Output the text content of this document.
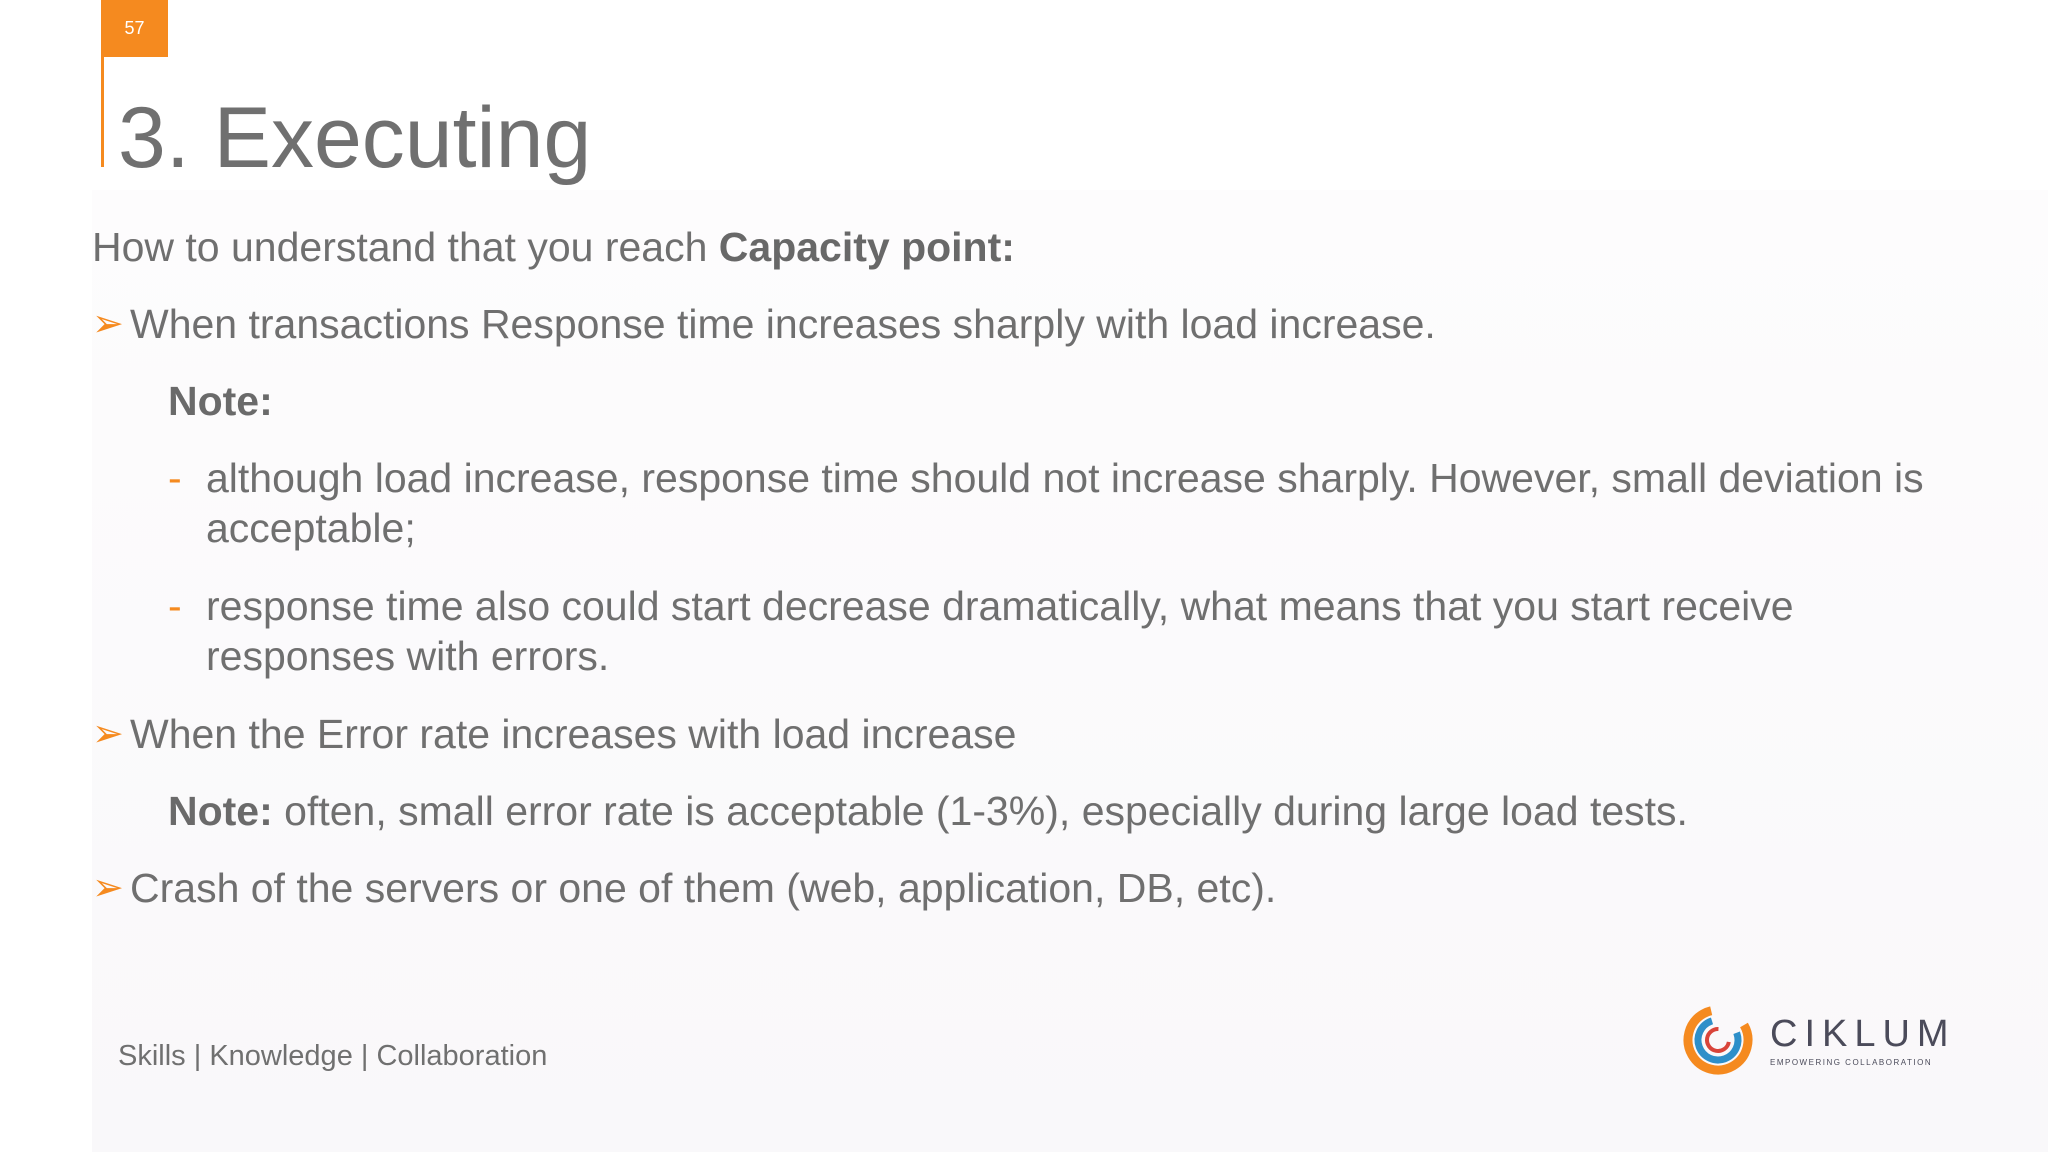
57
3. Executing
How to understand that you reach Capacity point:
➢ When transactions Response time increases sharply with load increase.
Note:
- although load increase, response time should not increase sharply. However, small deviation is acceptable;
- response time also could start decrease dramatically, what means that you start receive responses with errors.
➢ When the Error rate increases with load increase
Note: often, small error rate is acceptable (1-3%), especially during large load tests.
➢ Crash of the servers or one of them (web, application, DB, etc).
Skills | Knowledge | Collaboration
CIKLUM
EMPOWERING COLLABORATION
